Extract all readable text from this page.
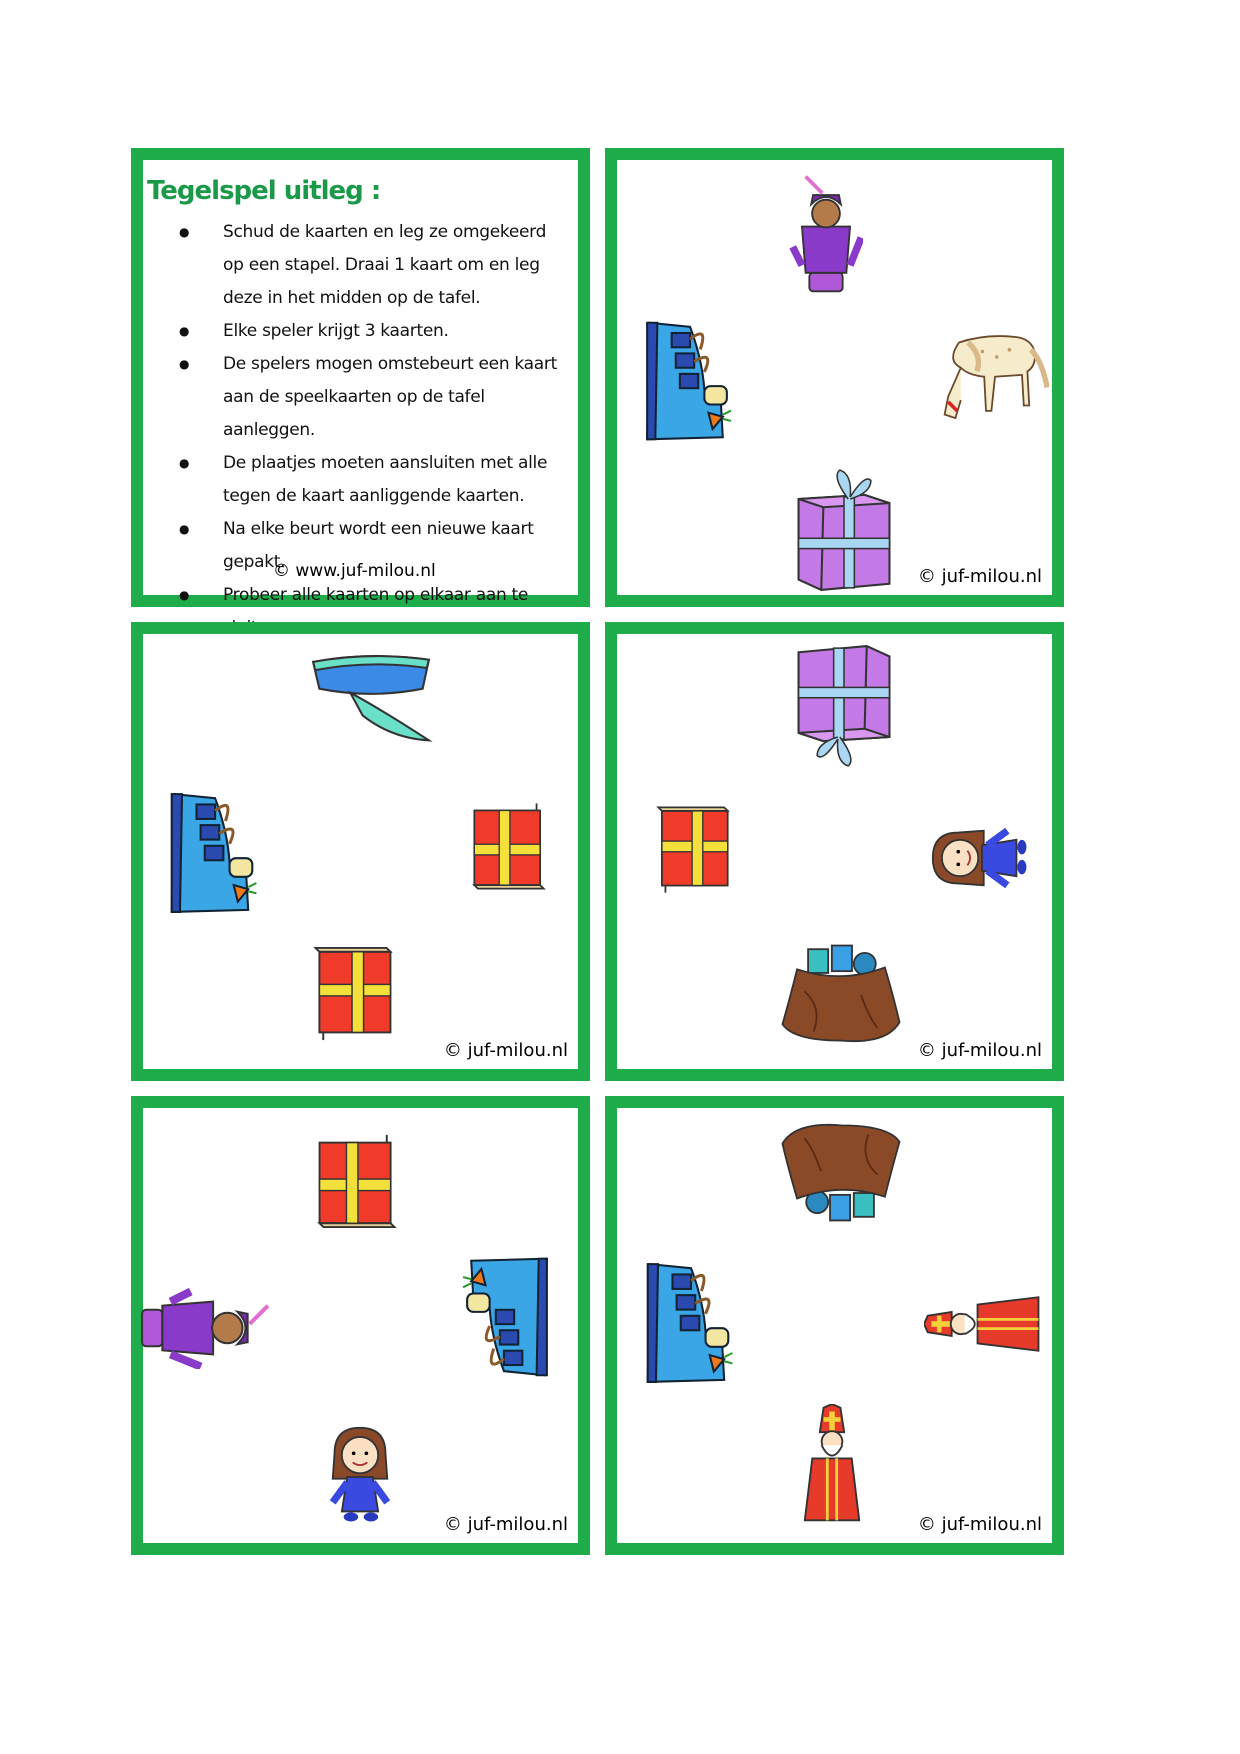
Tegelspel uitleg :
● Schud de kaarten en leg ze omgekeerd op een stapel. Draai 1 kaart om en leg deze in het midden op de tafel.
● Elke speler krijgt 3 kaarten.
● De spelers mogen omstebeurt een kaart aan de speelkaarten op de tafel aanleggen.
● De plaatjes moeten aansluiten met alle tegen de kaart aanliggende kaarten.
● Na elke beurt wordt een nieuwe kaart gepakt.
● Probeer alle kaarten op elkaar aan te
© www.juf-milou.nl	© juf-milou.nl
© juf-milou.nl	© juf-milou.nl
© juf-milou.nl	© juf-milou.nl
